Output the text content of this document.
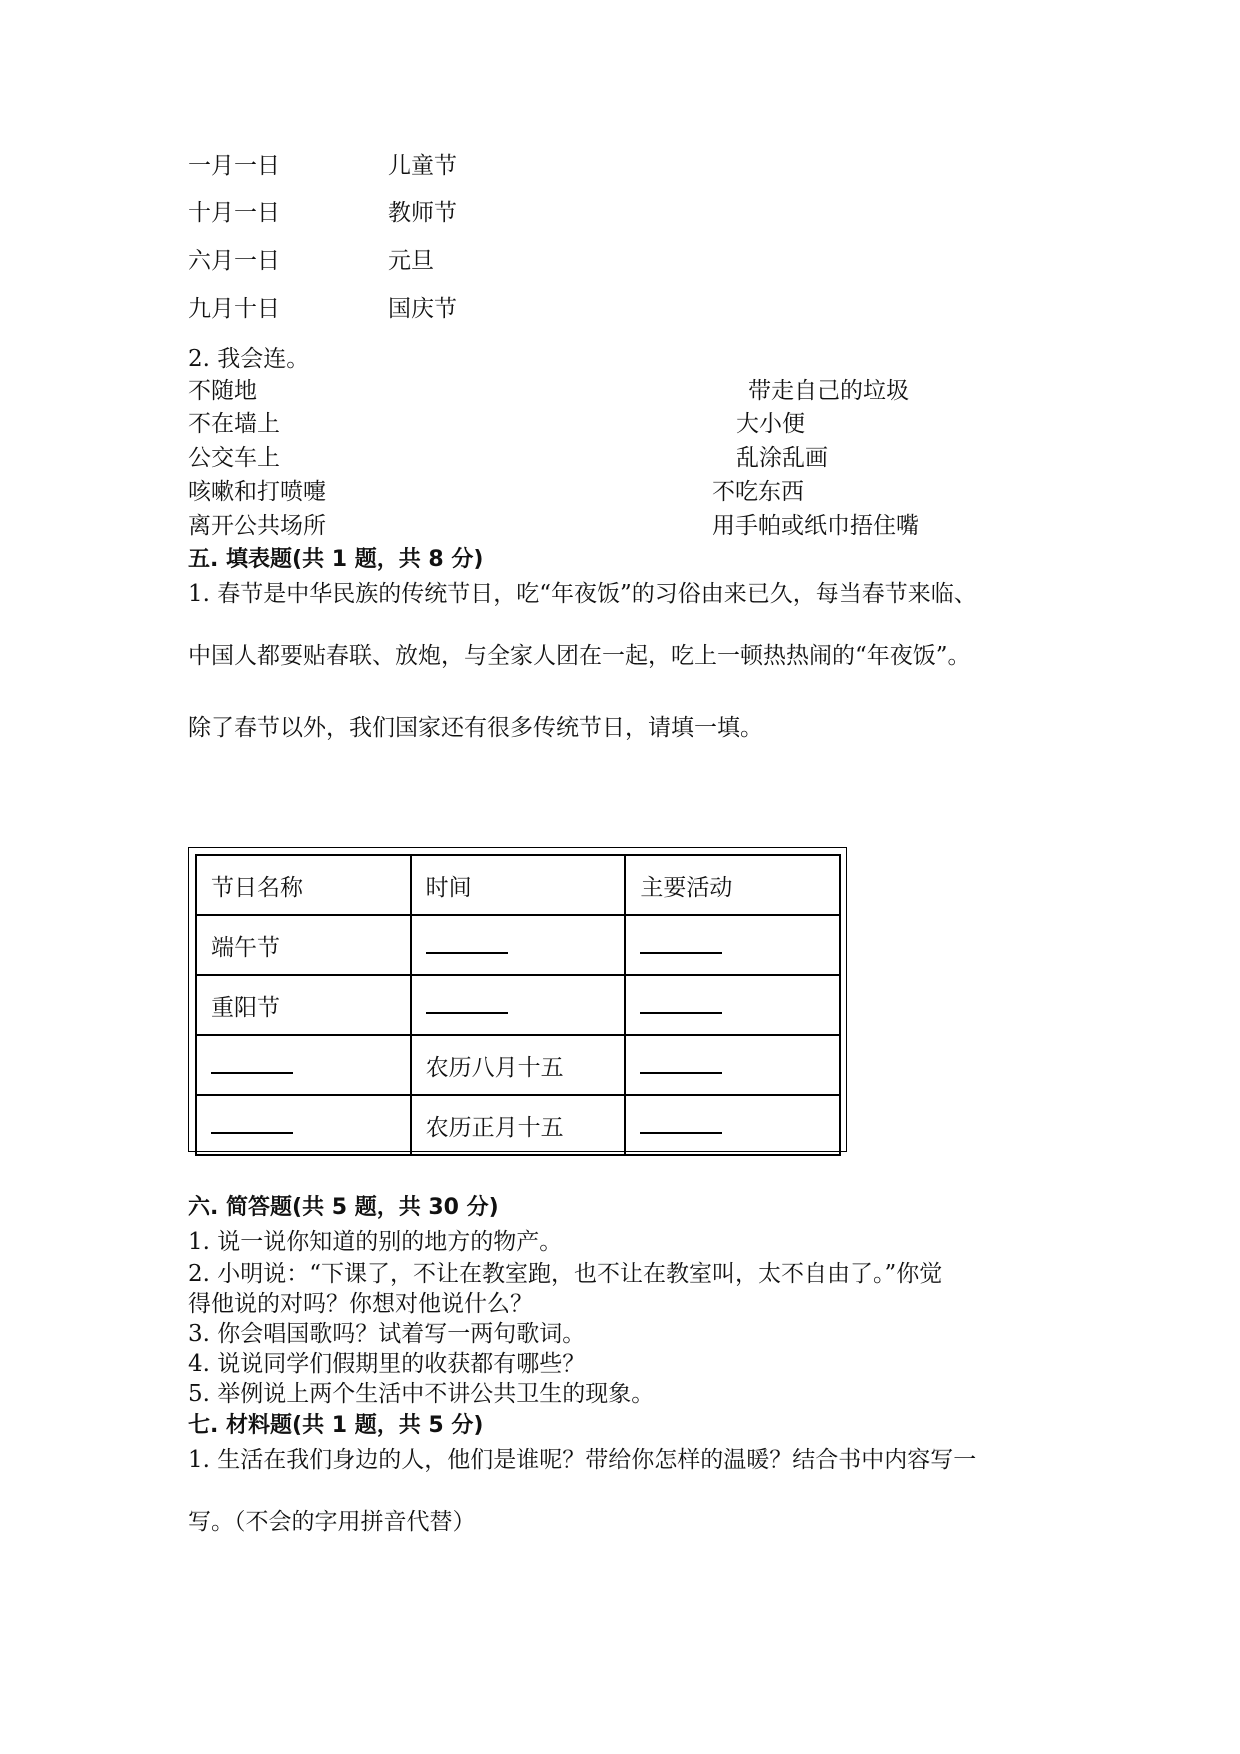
一月一日	儿童节
十月一日	教师节
六月一日	元旦
九月十日	国庆节
2. 我会连。
不随地	带走自己的垃圾
不在墙上	大小便
公交车上	乱涂乱画
咳嗽和打喷嚏	不吃东西
离开公共场所	用手帕或纸巾捂住嘴
五. 填表题(共 1 题，共 8 分)
1. 春节是中华民族的传统节日，吃“年夜饭”的习俗由来已久，每当春节来临、
中国人都要贴春联、放炮，与全家人团在一起，吃上一顿热热闹的“年夜饭”。
除了春节以外，我们国家还有很多传统节日，请填一填。
节日名称	时间	主要活动
端午节		
重阳节		
	农历八月十五	
	农历正月十五	
六. 简答题(共 5 题，共 30 分)
1. 说一说你知道的别的地方的物产。
2. 小明说：“下课了，不让在教室跑，也不让在教室叫，太不自由了。”你觉
得他说的对吗？你想对他说什么？
3. 你会唱国歌吗？试着写一两句歌词。
4. 说说同学们假期里的收获都有哪些？
5. 举例说上两个生活中不讲公共卫生的现象。
七. 材料题(共 1 题，共 5 分)
1. 生活在我们身边的人，他们是谁呢？带给你怎样的温暖？结合书中内容写一
写。（不会的字用拼音代替）
